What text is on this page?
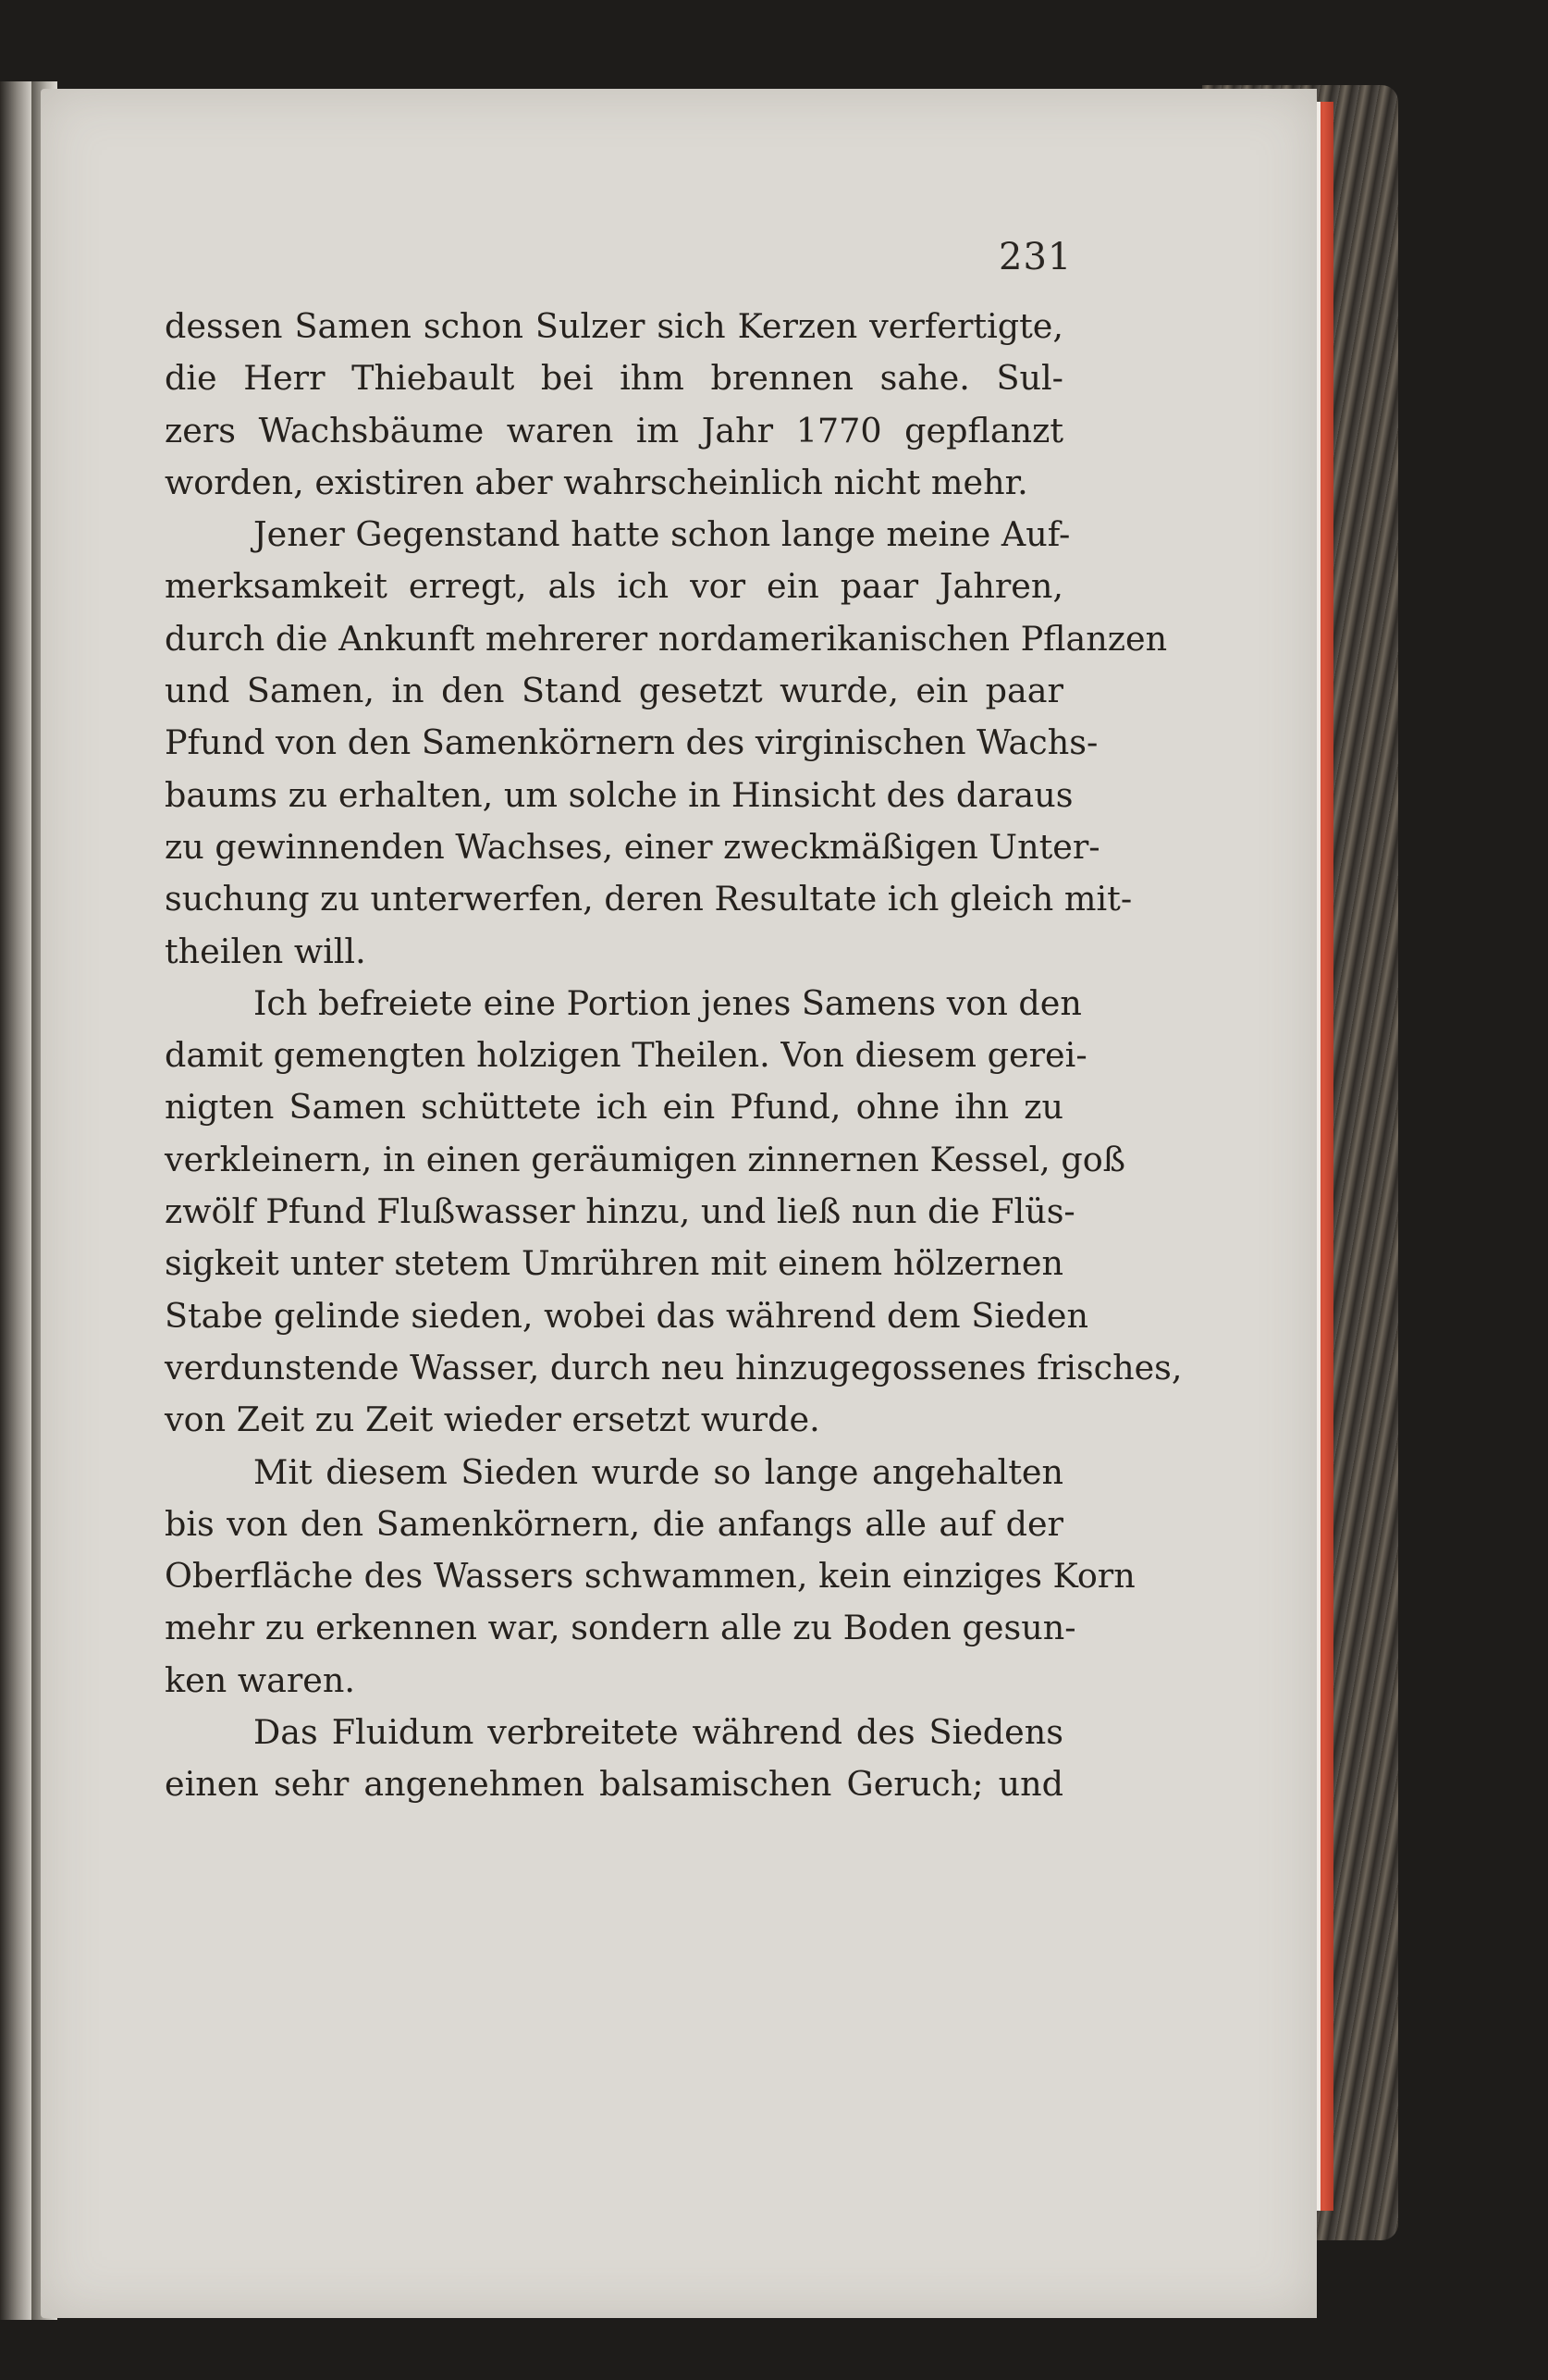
231

dessen Samen schon Sulzer sich Kerzen verfertigte,
die Herr Thiebault bei ihm brennen sahe. Sul-
zers Wachsbäume waren im Jahr 1770 gepflanzt
worden, existiren aber wahrscheinlich nicht mehr.

Jener Gegenstand hatte schon lange meine Auf-
merksamkeit erregt, als ich vor ein paar Jahren,
durch die Ankunft mehrerer nordamerikanischen Pflanzen
und Samen, in den Stand gesetzt wurde, ein paar
Pfund von den Samenkörnern des virginischen Wachs-
baums zu erhalten, um solche in Hinsicht des daraus
zu gewinnenden Wachses, einer zweckmäßigen Unter-
suchung zu unterwerfen, deren Resultate ich gleich mit-
theilen will.

Ich befreiete eine Portion jenes Samens von den
damit gemengten holzigen Theilen. Von diesem gerei-
nigten Samen schüttete ich ein Pfund, ohne ihn zu
verkleinern, in einen geräumigen zinnernen Kessel, goß
zwölf Pfund Flußwasser hinzu, und ließ nun die Flüs-
sigkeit unter stetem Umrühren mit einem hölzernen
Stabe gelinde sieden, wobei das während dem Sieden
verdunstende Wasser, durch neu hinzugegossenes frisches,
von Zeit zu Zeit wieder ersetzt wurde.

Mit diesem Sieden wurde so lange angehalten
bis von den Samenkörnern, die anfangs alle auf der
Oberfläche des Wassers schwammen, kein einziges Korn
mehr zu erkennen war, sondern alle zu Boden gesun-
ken waren.

Das Fluidum verbreitete während des Siedens
einen sehr angenehmen balsamischen Geruch; und
